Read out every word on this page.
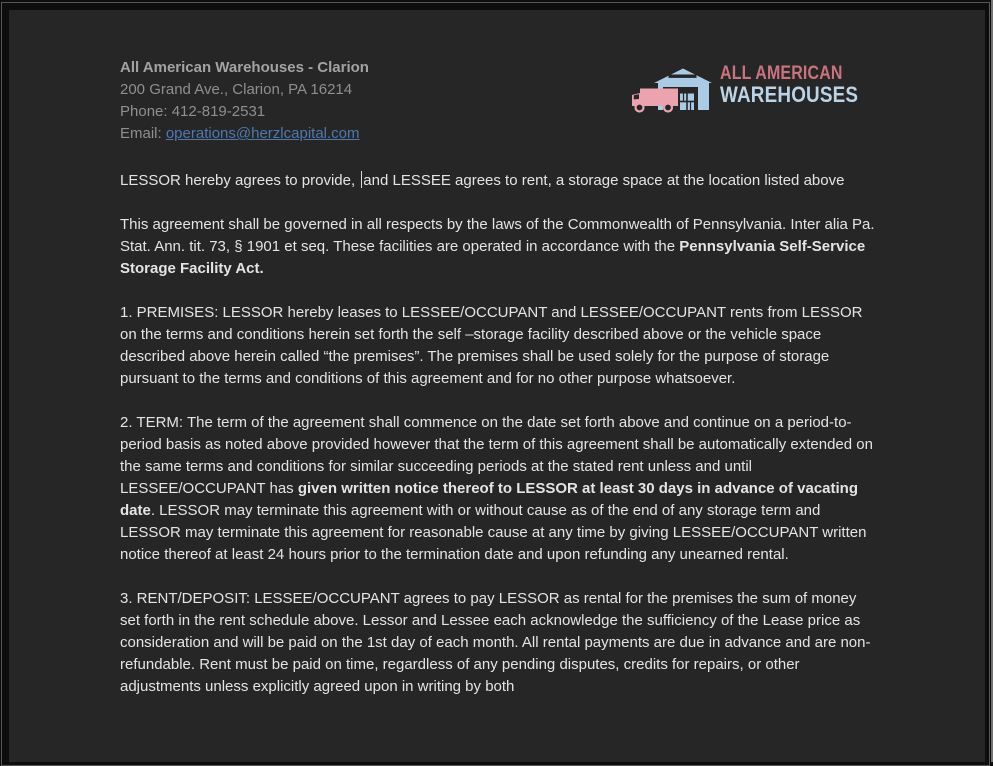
All American Warehouses - Clarion
200 Grand Ave., Clarion, PA 16214
Phone: 412-819-2531
Email: operations@herzlcapital.com
ALL AMERICAN
WAREHOUSES

LESSOR hereby agrees to provide, and LESSEE agrees to rent, a storage space at the location listed above

This agreement shall be governed in all respects by the laws of the Commonwealth of Pennsylvania. Inter alia Pa. Stat. Ann. tit. 73, § 1901 et seq. These facilities are operated in accordance with the Pennsylvania Self-Service Storage Facility Act.

1. PREMISES: LESSOR hereby leases to LESSEE/OCCUPANT and LESSEE/OCCUPANT rents from LESSOR on the terms and conditions herein set forth the self –storage facility described above or the vehicle space described above herein called “the premises”. The premises shall be used solely for the purpose of storage pursuant to the terms and conditions of this agreement and for no other purpose whatsoever.

2. TERM: The term of the agreement shall commence on the date set forth above and continue on a period-to-period basis as noted above provided however that the term of this agreement shall be automatically extended on the same terms and conditions for similar succeeding periods at the stated rent unless and until LESSEE/OCCUPANT has given written notice thereof to LESSOR at least 30 days in advance of vacating date. LESSOR may terminate this agreement with or without cause as of the end of any storage term and LESSOR may terminate this agreement for reasonable cause at any time by giving LESSEE/OCCUPANT written notice thereof at least 24 hours prior to the termination date and upon refunding any unearned rental.

3. RENT/DEPOSIT: LESSEE/OCCUPANT agrees to pay LESSOR as rental for the premises the sum of money set forth in the rent schedule above. Lessor and Lessee each acknowledge the sufficiency of the Lease price as consideration and will be paid on the 1st day of each month. All rental payments are due in advance and are non-refundable. Rent must be paid on time, regardless of any pending disputes, credits for repairs, or other adjustments unless explicitly agreed upon in writing by both
